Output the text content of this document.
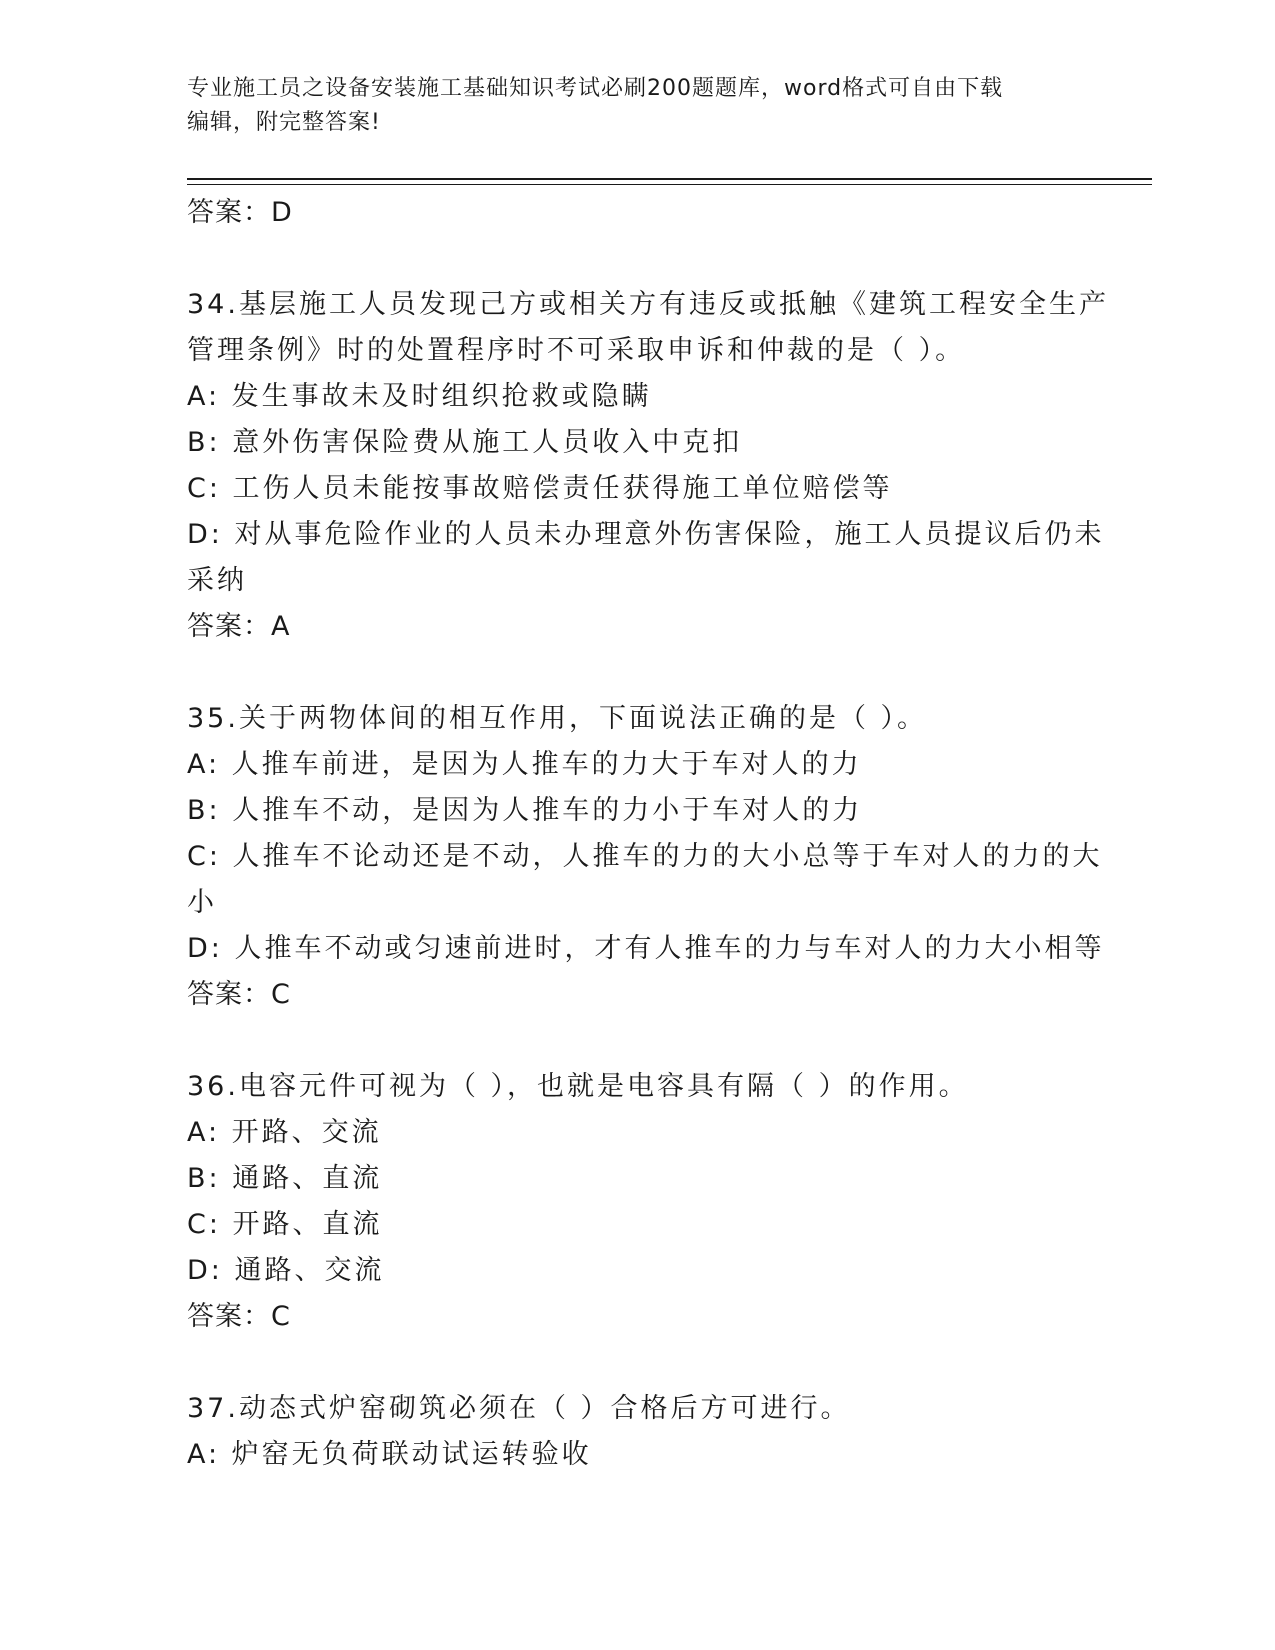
专业施工员之设备安装施工基础知识考试必刷200题题库，word格式可自由下载
编辑，附完整答案!
答案：D
34.基层施工人员发现己方或相关方有违反或抵触《建筑工程安全生产
管理条例》时的处置程序时不可采取申诉和仲裁的是（ ）。
A: 发生事故未及时组织抢救或隐瞒
B: 意外伤害保险费从施工人员收入中克扣
C: 工伤人员未能按事故赔偿责任获得施工单位赔偿等
D: 对从事危险作业的人员未办理意外伤害保险，施工人员提议后仍未
采纳
答案：A
35.关于两物体间的相互作用，下面说法正确的是（ ）。
A: 人推车前进，是因为人推车的力大于车对人的力
B: 人推车不动，是因为人推车的力小于车对人的力
C: 人推车不论动还是不动，人推车的力的大小总等于车对人的力的大
小
D: 人推车不动或匀速前进时，才有人推车的力与车对人的力大小相等
答案：C
36.电容元件可视为（ ），也就是电容具有隔（ ）的作用。
A: 开路、交流
B: 通路、直流
C: 开路、直流
D: 通路、交流
答案：C
37.动态式炉窑砌筑必须在（ ）合格后方可进行。
A: 炉窑无负荷联动试运转验收
